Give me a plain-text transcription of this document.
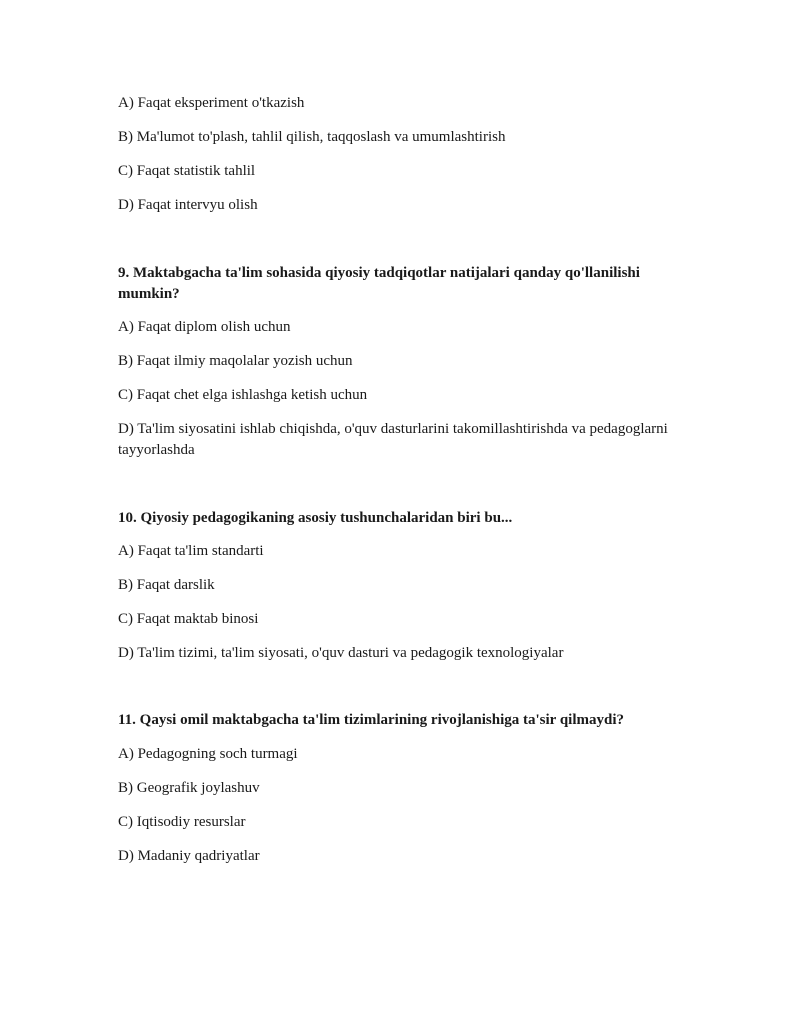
A) Faqat eksperiment o'tkazish
B) Ma'lumot to'plash, tahlil qilish, taqqoslash va umumlashtirish
C) Faqat statistik tahlil
D) Faqat intervyu olish
9. Maktabgacha ta'lim sohasida qiyosiy tadqiqotlar natijalari qanday qo'llanilishi mumkin?
A) Faqat diplom olish uchun
B) Faqat ilmiy maqolalar yozish uchun
C) Faqat chet elga ishlashga ketish uchun
D) Ta'lim siyosatini ishlab chiqishda, o'quv dasturlarini takomillashtirishda va pedagoglarni tayyorlashda
10. Qiyosiy pedagogikaning asosiy tushunchalaridan biri bu...
A) Faqat ta'lim standarti
B) Faqat darslik
C) Faqat maktab binosi
D) Ta'lim tizimi, ta'lim siyosati, o'quv dasturi va pedagogik texnologiyalar
11. Qaysi omil maktabgacha ta'lim tizimlarining rivojlanishiga ta'sir qilmaydi?
A) Pedagogning soch turmagi
B) Geografik joylashuv
C) Iqtisodiy resurslar
D) Madaniy qadriyatlar
